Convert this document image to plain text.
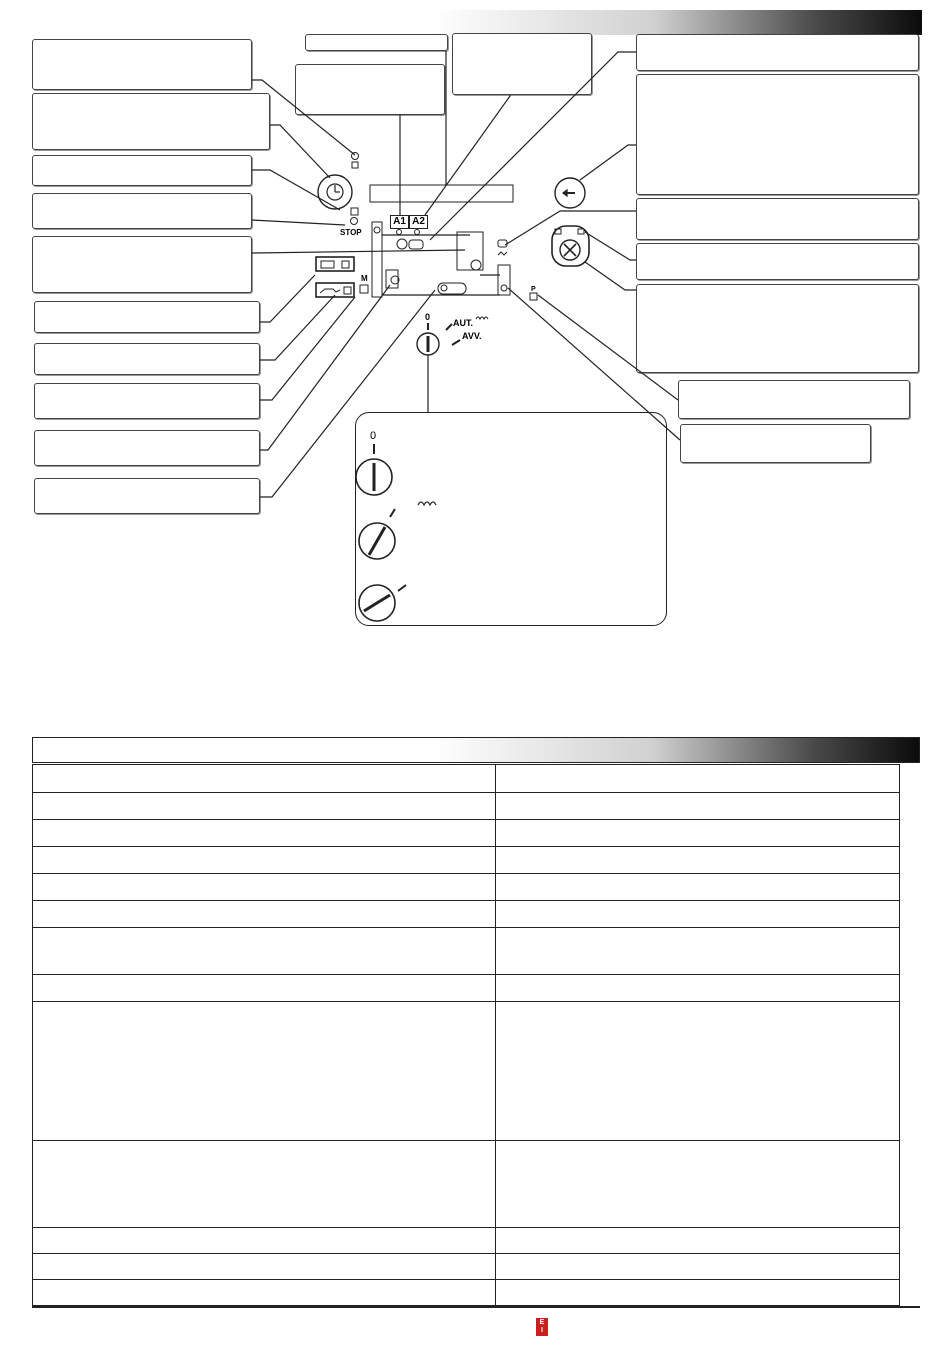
STOP
A1 A2
M
P
0
AUT.
AVV.
0

E
I
